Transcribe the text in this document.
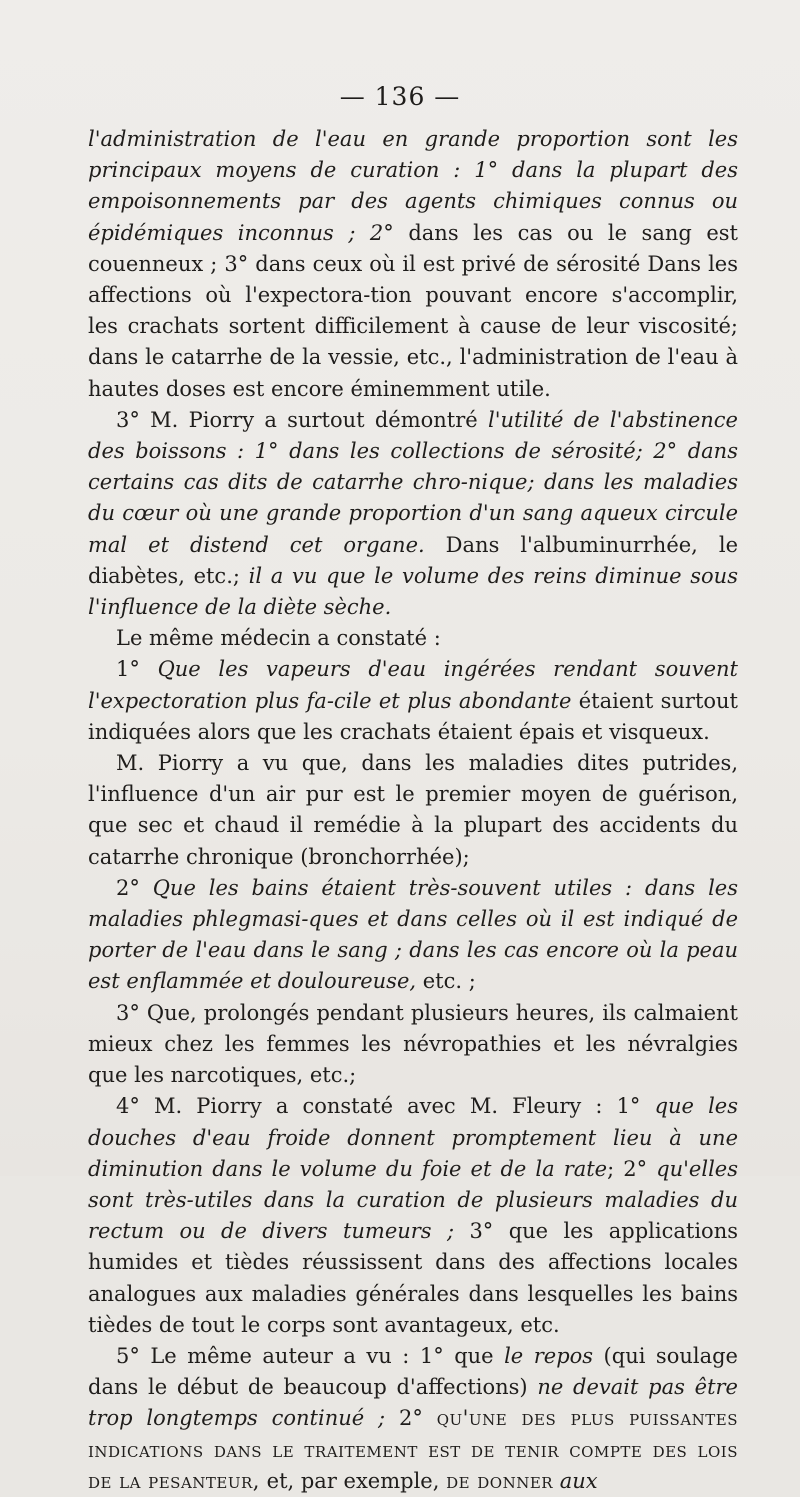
— 136 —

l'administration de l'eau en grande proportion sont les principaux moyens de curation : 1° dans la plupart des empoisonnements par des agents chimiques connus ou épidémiques inconnus ; 2° dans les cas ou le sang est couenneux ; 3° dans ceux où il est privé de sérosité Dans les affections où l'expectora-tion pouvant encore s'accomplir, les crachats sortent difficilement à cause de leur viscosité; dans le catarrhe de la vessie, etc., l'administration de l'eau à hautes doses est encore éminemment utile.

3° M. Piorry a surtout démontré l'utilité de l'abstinence des boissons : 1° dans les collections de sérosité; 2° dans certains cas dits de catarrhe chro-nique; dans les maladies du cœur où une grande proportion d'un sang aqueux circule mal et distend cet organe. Dans l'albuminurrhée, le diabètes, etc.; il a vu que le volume des reins diminue sous l'influence de la diète sèche.

Le même médecin a constaté :

1° Que les vapeurs d'eau ingérées rendant souvent l'expectoration plus fa-cile et plus abondante étaient surtout indiquées alors que les crachats étaient épais et visqueux.

M. Piorry a vu que, dans les maladies dites putrides, l'influence d'un air pur est le premier moyen de guérison, que sec et chaud il remédie à la plupart des accidents du catarrhe chronique (bronchorrhée);

2° Que les bains étaient très-souvent utiles : dans les maladies phlegmasi-ques et dans celles où il est indiqué de porter de l'eau dans le sang ; dans les cas encore où la peau est enflammée et douloureuse, etc. ;

3° Que, prolongés pendant plusieurs heures, ils calmaient mieux chez les femmes les névropathies et les névralgies que les narcotiques, etc.;

4° M. Piorry a constaté avec M. Fleury : 1° que les douches d'eau froide donnent promptement lieu à une diminution dans le volume du foie et de la rate; 2° qu'elles sont très-utiles dans la curation de plusieurs maladies du rectum ou de divers tumeurs ; 3° que les applications humides et tièdes réussissent dans des affections locales analogues aux maladies générales dans lesquelles les bains tièdes de tout le corps sont avantageux, etc.

5° Le même auteur a vu : 1° que le repos (qui soulage dans le début de beaucoup d'affections) ne devait pas être trop longtemps continué ; 2° qu'une des plus puissantes indications dans le traitement est de tenir compte des lois de la pesanteur, et, par exemple, de donner aux
